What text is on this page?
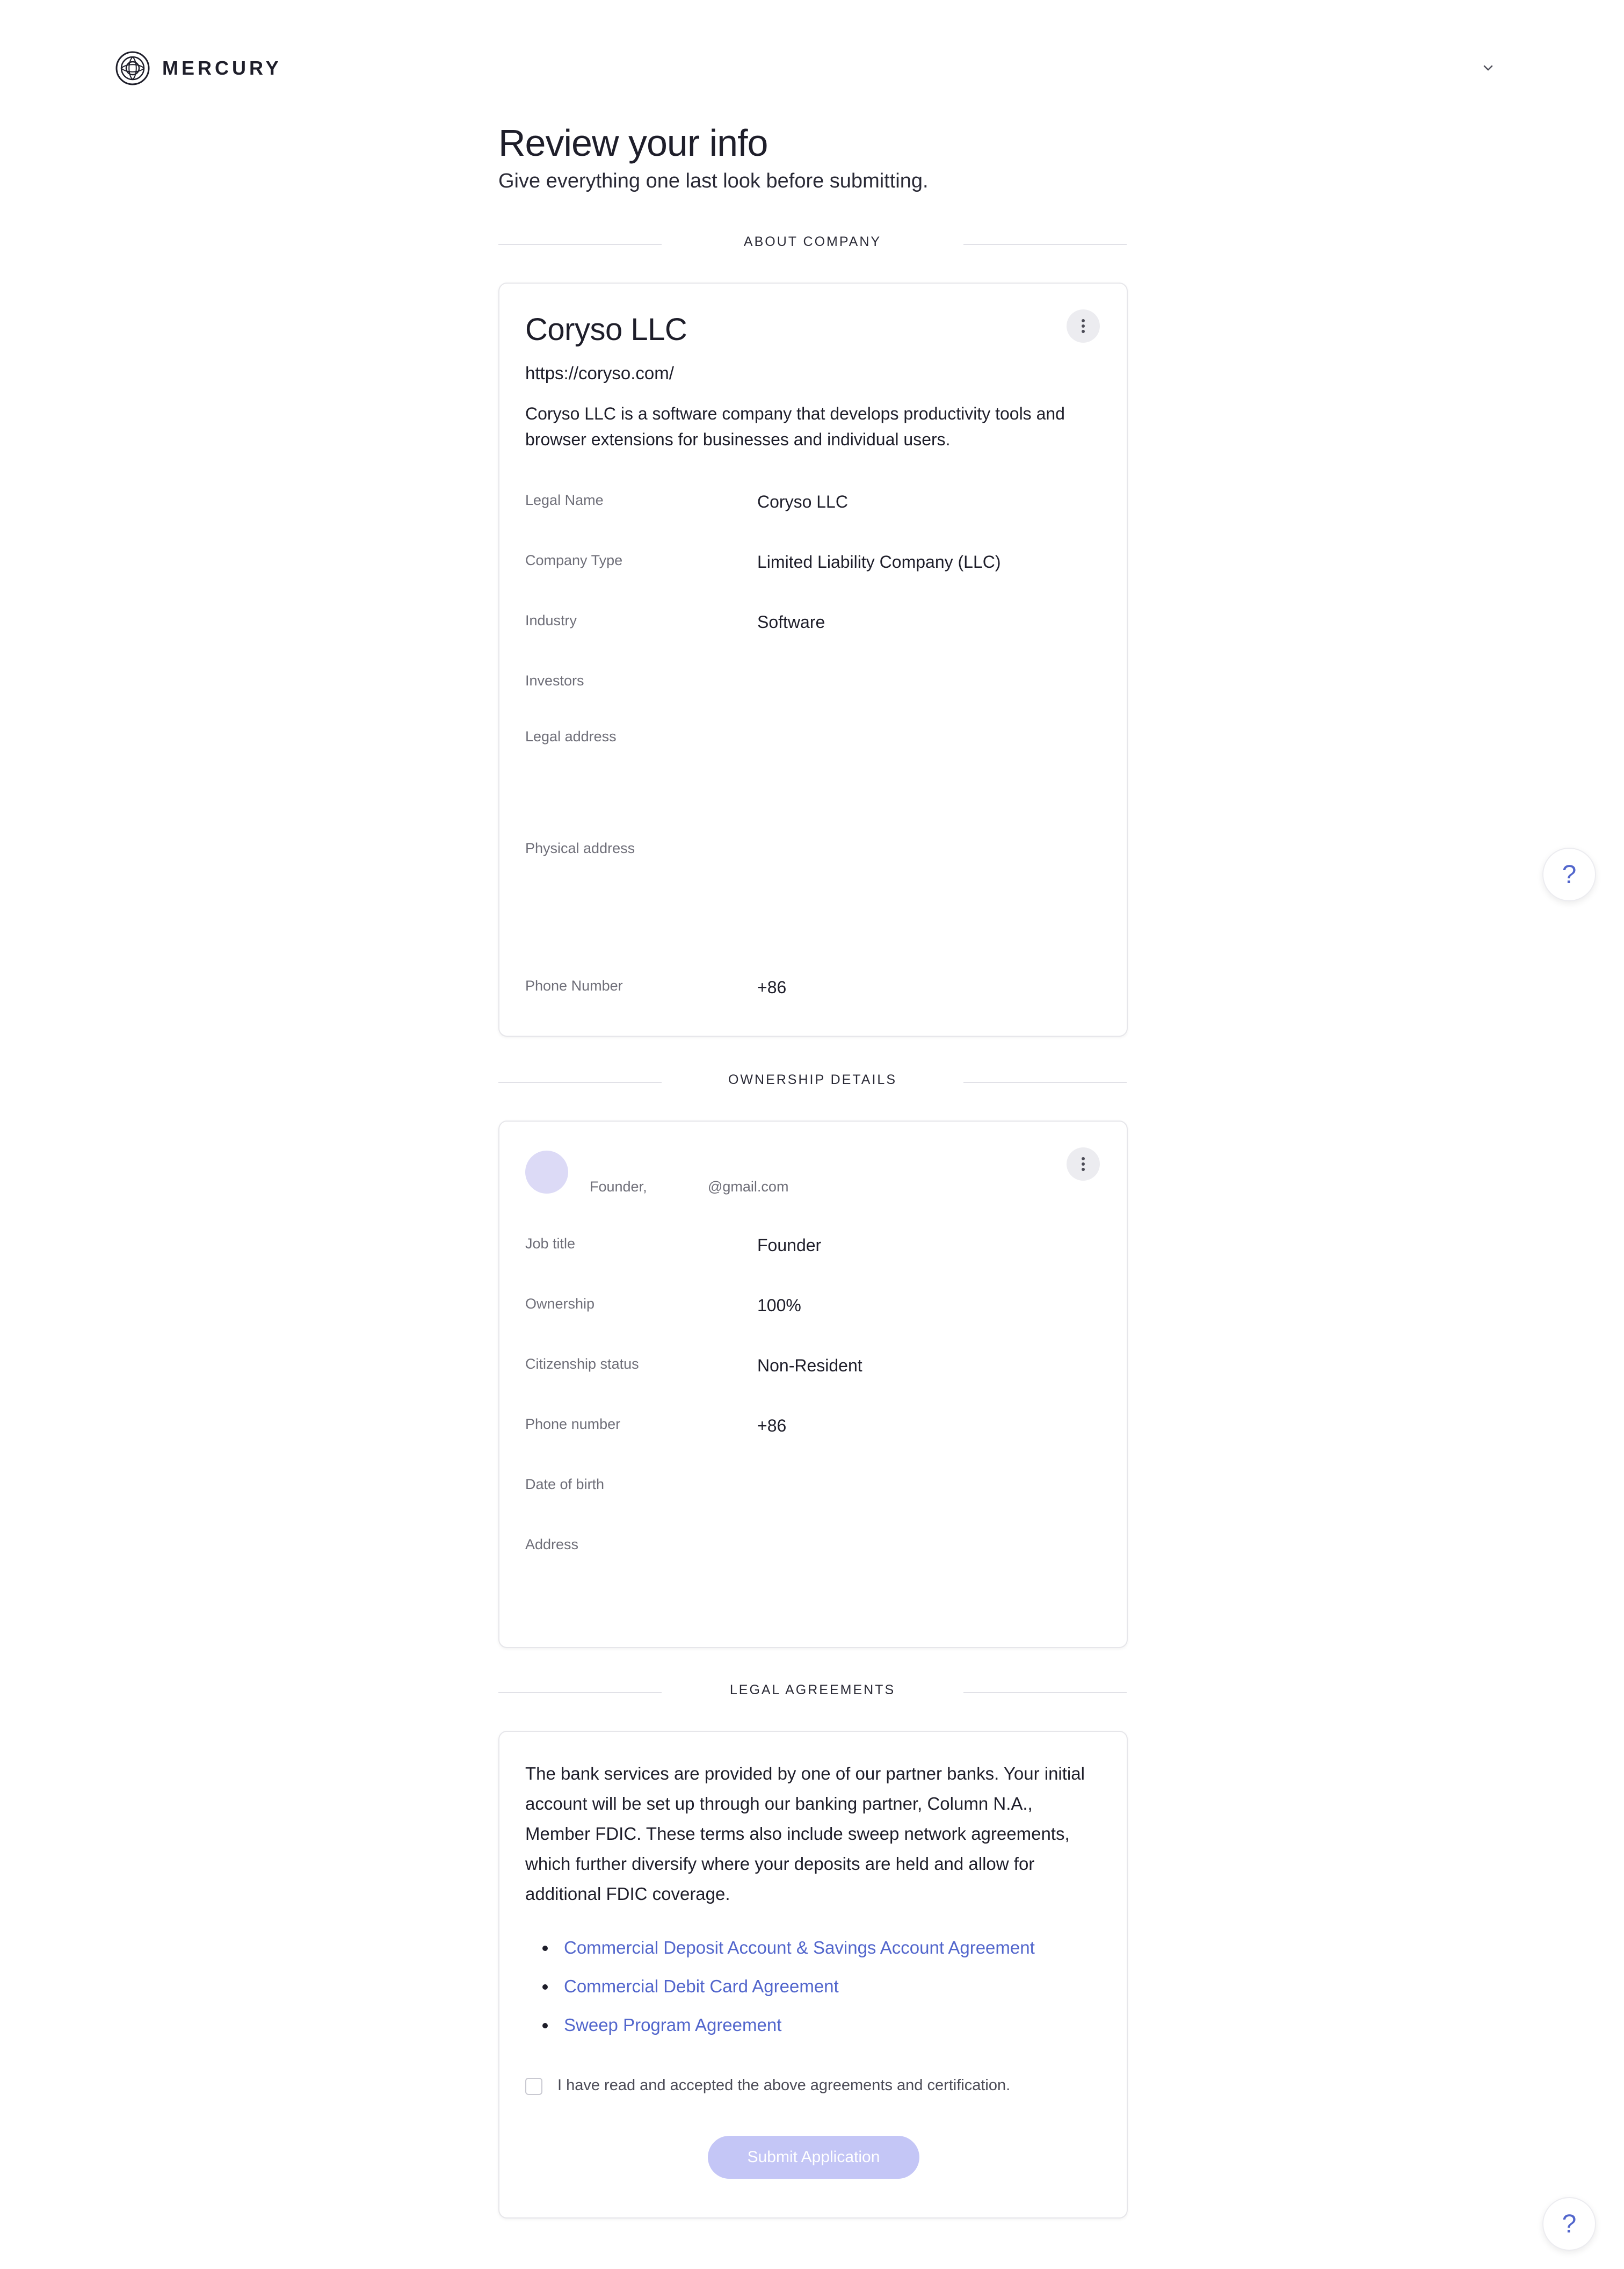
MERCURY
Review your info
Give everything one last look before submitting.
ABOUT COMPANY
Coryso LLC
https://coryso.com/
Coryso LLC is a software company that develops productivity tools and browser extensions for businesses and individual users.
Legal Name	Coryso LLC
Company Type	Limited Liability Company (LLC)
Industry	Software
Investors
Legal address
Physical address
Phone Number	+86
OWNERSHIP DETAILS
Founder,	@gmail.com
Job title	Founder
Ownership	100%
Citizenship status	Non-Resident
Phone number	+86
Date of birth
Address
LEGAL AGREEMENTS
The bank services are provided by one of our partner banks. Your initial account will be set up through our banking partner, Column N.A., Member FDIC. These terms also include sweep network agreements, which further diversify where your deposits are held and allow for additional FDIC coverage.
Commercial Deposit Account & Savings Account Agreement
Commercial Debit Card Agreement
Sweep Program Agreement
I have read and accepted the above agreements and certification.
Submit Application
?
?
